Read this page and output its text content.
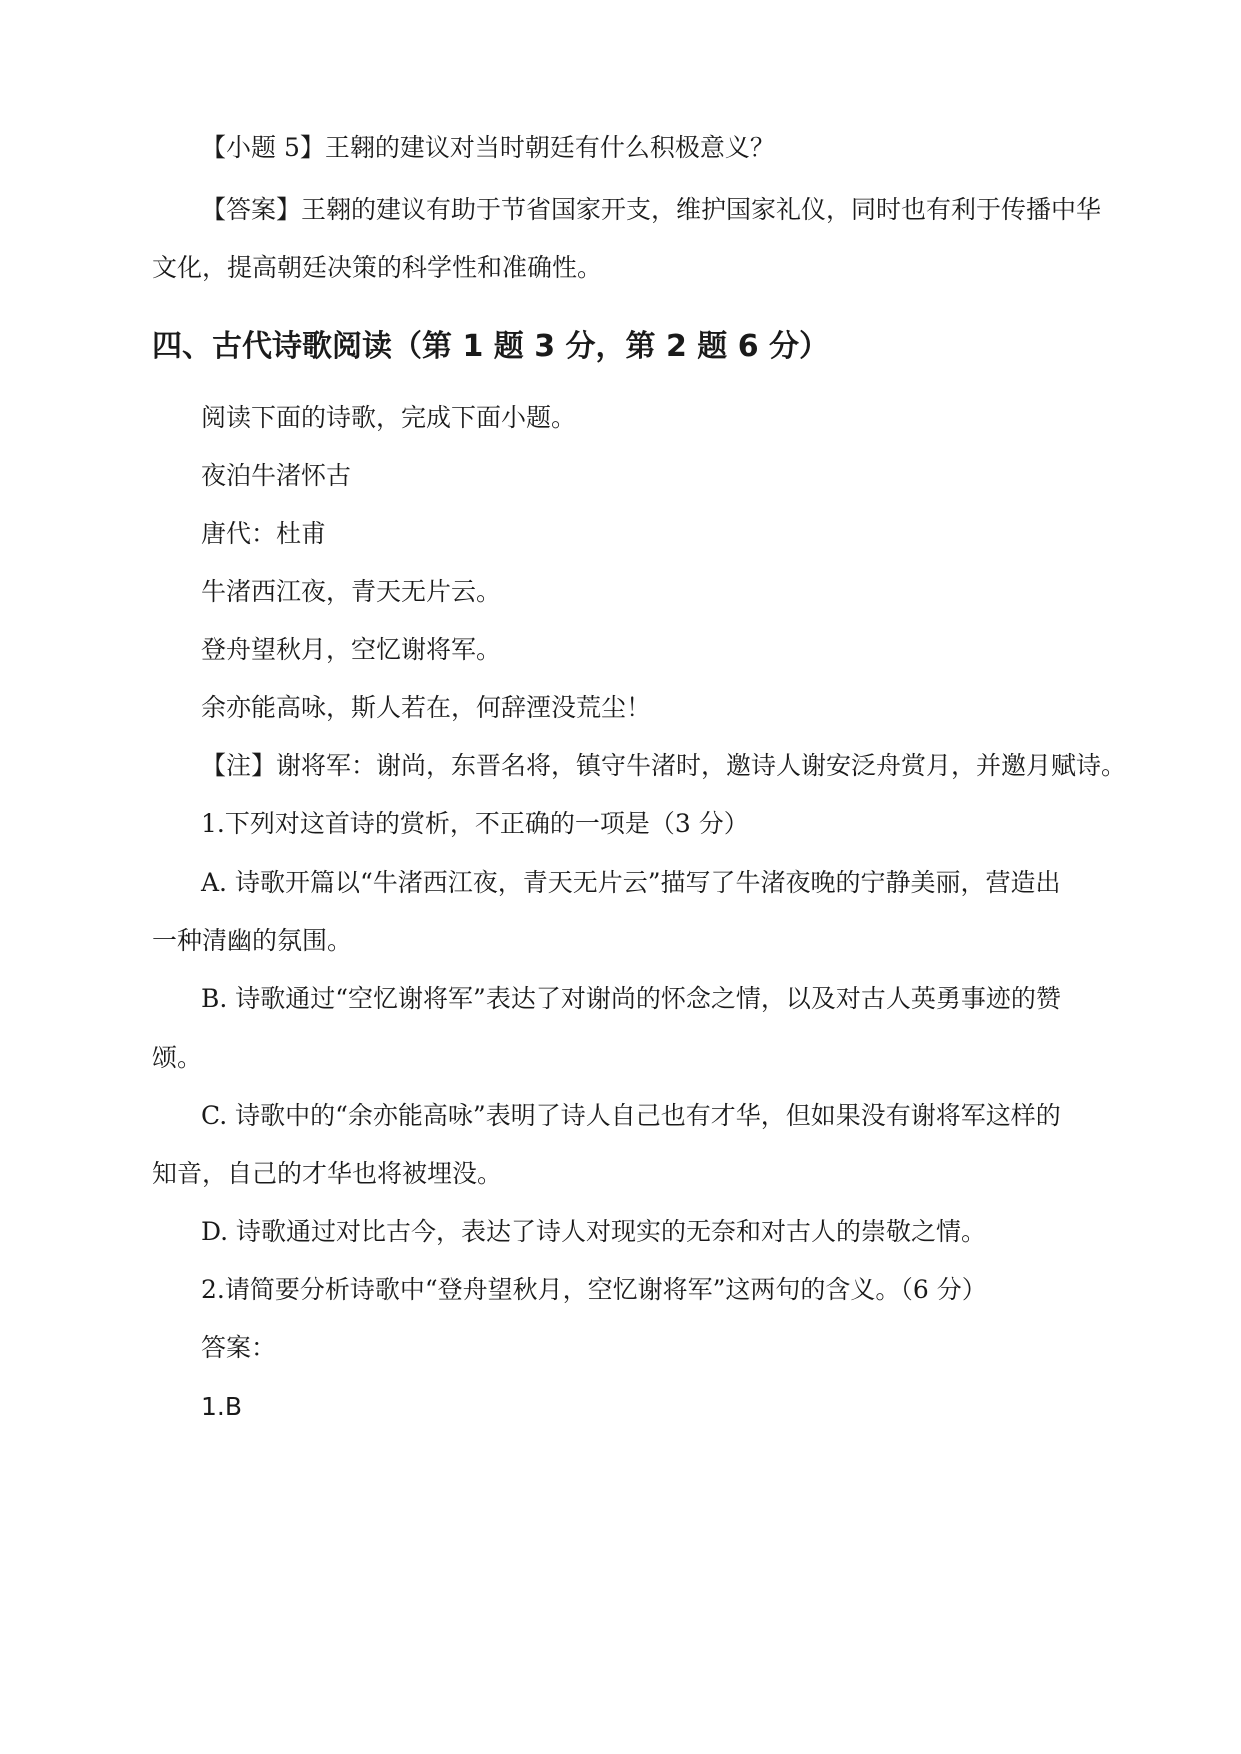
【小题 5】王翱的建议对当时朝廷有什么积极意义？
【答案】王翱的建议有助于节省国家开支，维护国家礼仪，同时也有利于传播中华
文化，提高朝廷决策的科学性和准确性。
四、古代诗歌阅读（第 1 题 3 分，第 2 题 6 分）
阅读下面的诗歌，完成下面小题。
夜泊牛渚怀古
唐代：杜甫
牛渚西江夜，青天无片云。
登舟望秋月，空忆谢将军。
余亦能高咏，斯人若在，何辞湮没荒尘！
【注】谢将军：谢尚，东晋名将，镇守牛渚时，邀诗人谢安泛舟赏月，并邀月赋诗。
1.下列对这首诗的赏析，不正确的一项是（3 分）
A. 诗歌开篇以“牛渚西江夜，青天无片云”描写了牛渚夜晚的宁静美丽，营造出
一种清幽的氛围。
B. 诗歌通过“空忆谢将军”表达了对谢尚的怀念之情，以及对古人英勇事迹的赞
颂。
C. 诗歌中的“余亦能高咏”表明了诗人自己也有才华，但如果没有谢将军这样的
知音，自己的才华也将被埋没。
D. 诗歌通过对比古今，表达了诗人对现实的无奈和对古人的崇敬之情。
2.请简要分析诗歌中“登舟望秋月，空忆谢将军”这两句的含义。（6 分）
答案：
1.B
